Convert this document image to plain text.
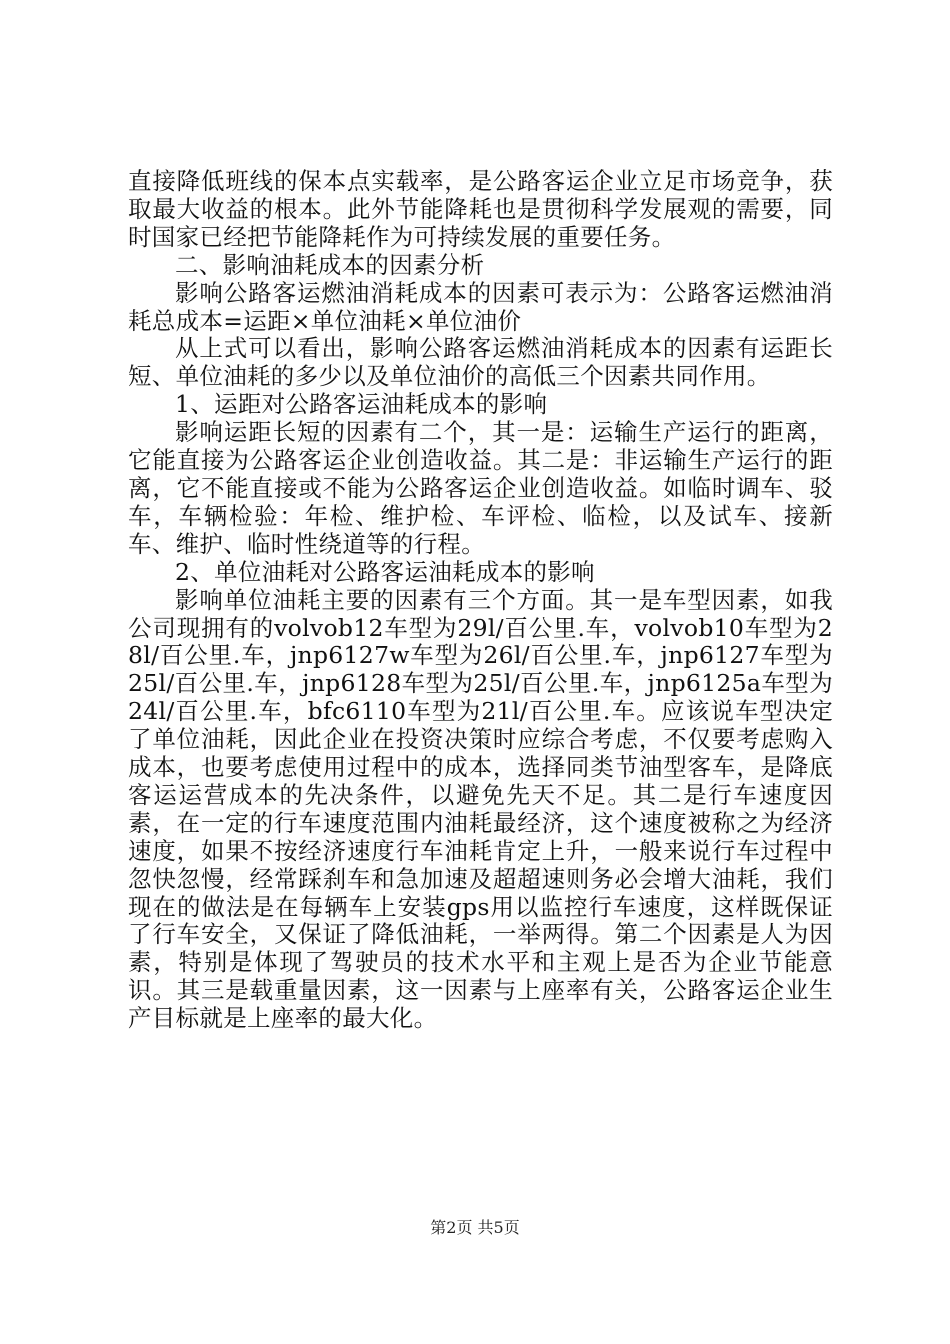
直接降低班线的保本点实载率，是公路客运企业立足市场竞争，获取最大收益的根本。此外节能降耗也是贯彻科学发展观的需要，同时国家已经把节能降耗作为可持续发展的重要任务。

二、影响油耗成本的因素分析

影响公路客运燃油消耗成本的因素可表示为：公路客运燃油消耗总成本=运距×单位油耗×单位油价

从上式可以看出，影响公路客运燃油消耗成本的因素有运距长短、单位油耗的多少以及单位油价的高低三个因素共同作用。

1、运距对公路客运油耗成本的影响

影响运距长短的因素有二个，其一是：运输生产运行的距离，它能直接为公路客运企业创造收益。其二是：非运输生产运行的距离，它不能直接或不能为公路客运企业创造收益。如临时调车、驳车，车辆检验：年检、维护检、车评检、临检，以及试车、接新车、维护、临时性绕道等的行程。

2、单位油耗对公路客运油耗成本的影响

影响单位油耗主要的因素有三个方面。其一是车型因素，如我公司现拥有的volvob12车型为29l/百公里.车，volvob10车型为28l/百公里.车，jnp6127w车型为26l/百公里.车，jnp6127车型为25l/百公里.车，jnp6128车型为25l/百公里.车，jnp6125a车型为24l/百公里.车，bfc6110车型为21l/百公里.车。应该说车型决定了单位油耗，因此企业在投资决策时应综合考虑，不仅要考虑购入成本，也要考虑使用过程中的成本，选择同类节油型客车，是降底客运运营成本的先决条件，以避免先天不足。其二是行车速度因素，在一定的行车速度范围内油耗最经济，这个速度被称之为经济速度，如果不按经济速度行车油耗肯定上升，一般来说行车过程中忽快忽慢，经常踩刹车和急加速及超超速则务必会增大油耗，我们现在的做法是在每辆车上安装gps用以监控行车速度，这样既保证了行车安全，又保证了降低油耗，一举两得。第二个因素是人为因素，特别是体现了驾驶员的技术水平和主观上是否为企业节能意识。其三是载重量因素，这一因素与上座率有关，公路客运企业生产目标就是上座率的最大化。

第2页 共5页
